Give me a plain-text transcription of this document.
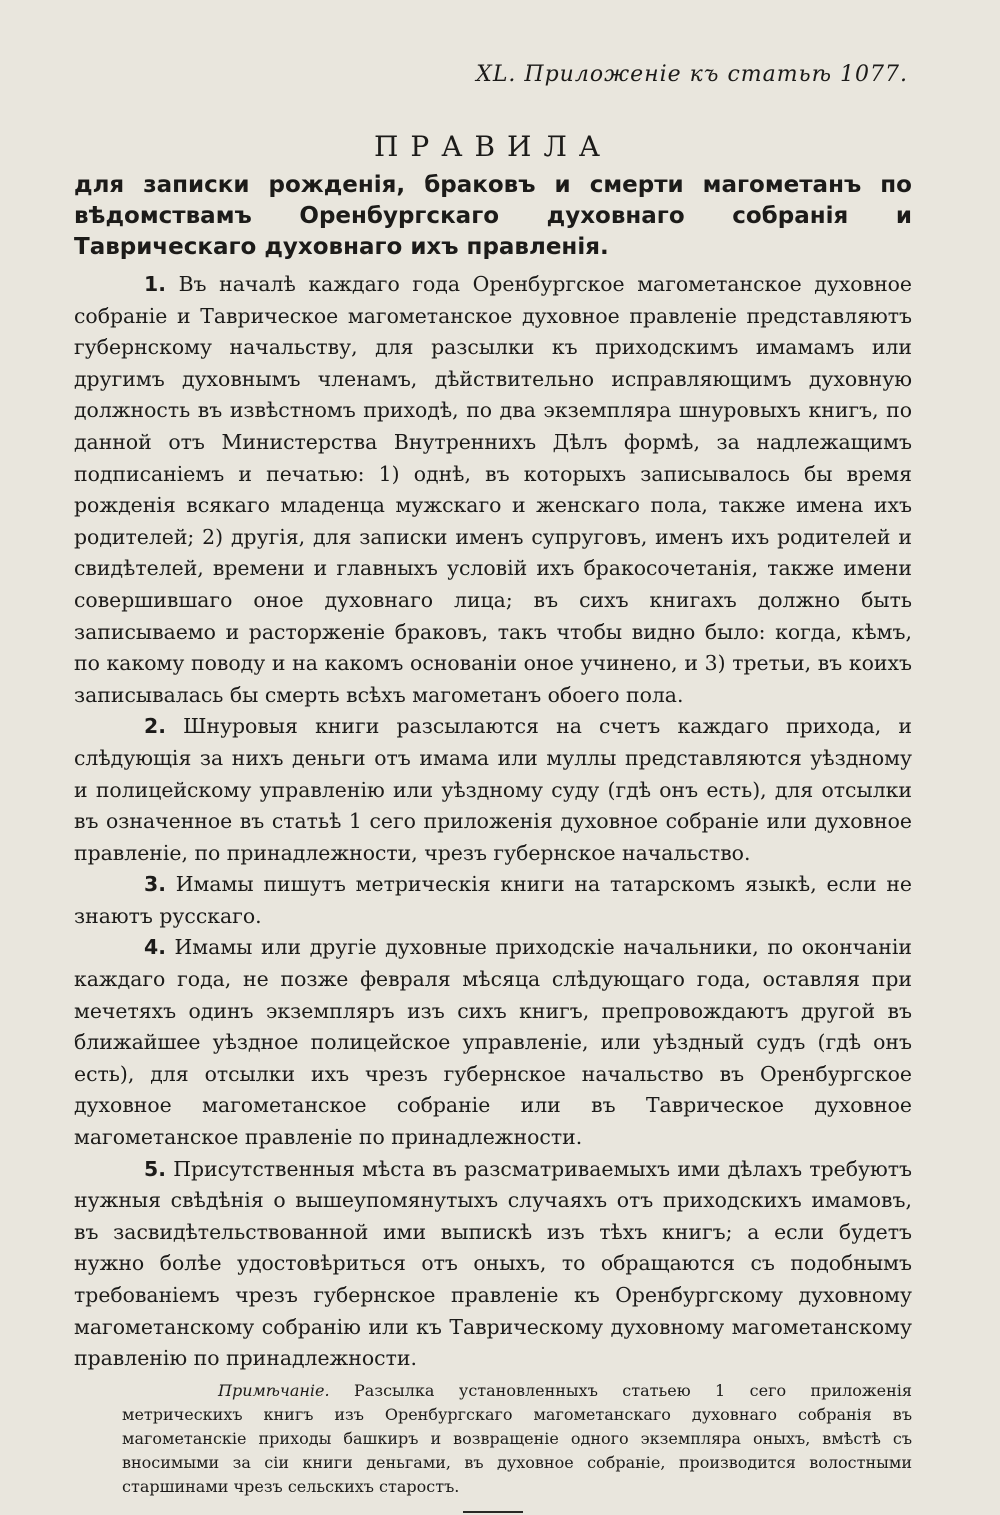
XL. Приложенiе къ статьѣ 1077.
ПРАВИЛА
для записки рожденiя, браковъ и смерти магометанъ по вѣдомствамъ Оренбургскаго духовнаго собранiя и Таврическаго духовнаго ихъ правленiя.

1. Въ началѣ каждаго года Оренбургское магометанское духовное собранiе и Таврическое магометанское духовное правленiе представляютъ губернскому начальству, для разсылки къ приходскимъ имамамъ или другимъ духовнымъ членамъ, дѣйствительно исправляющимъ духовную должность въ извѣстномъ приходѣ, по два экземпляра шнуровыхъ книгъ, по данной отъ Министерства Внутреннихъ Дѣлъ формѣ, за надлежащимъ подписанiемъ и печатью: 1) однѣ, въ которыхъ записывалось бы время рожденiя всякаго младенца мужскаго и женскаго пола, также имена ихъ родителей; 2) другiя, для записки именъ супруговъ, именъ ихъ родителей и свидѣтелей, времени и главныхъ условiй ихъ бракосочетанiя, также имени совершившаго оное духовнаго лица; въ сихъ книгахъ должно быть записываемо и расторженiе браковъ, такъ чтобы видно было: когда, кѣмъ, по какому поводу и на какомъ основанiи оное учинено, и 3) третьи, въ коихъ записывалась бы смерть всѣхъ магометанъ обоего пола.

2. Шнуровыя книги разсылаются на счетъ каждаго прихода, и слѣдующiя за нихъ деньги отъ имама или муллы представляются уѣздному и полицейскому управленiю или уѣздному суду (гдѣ онъ есть), для отсылки въ означенное въ статьѣ 1 сего приложенiя духовное собранiе или духовное правленiе, по принадлежности, чрезъ губернское начальство.

3. Имамы пишутъ метрическiя книги на татарскомъ языкѣ, если не знаютъ русскаго.

4. Имамы или другiе духовные приходскiе начальники, по окончанiи каждаго года, не позже февраля мѣсяца слѣдующаго года, оставляя при мечетяхъ одинъ экземпляръ изъ сихъ книгъ, препровождаютъ другой въ ближайшее уѣздное полицейское управленiе, или уѣздный судъ (гдѣ онъ есть), для отсылки ихъ чрезъ губернское начальство въ Оренбургское духовное магометанское собранiе или въ Таврическое духовное магометанское правленiе по принадлежности.

5. Присутственныя мѣста въ разсматриваемыхъ ими дѣлахъ требуютъ нужныя свѣдѣнiя о вышеупомянутыхъ случаяхъ отъ приходскихъ имамовъ, въ засвидѣтельствованной ими выпискѣ изъ тѣхъ книгъ; а если будетъ нужно болѣе удостовѣриться отъ оныхъ, то обращаются съ подобнымъ требованiемъ чрезъ губернское правленiе къ Оренбургскому духовному магометанскому собранiю или къ Таврическому духовному магометанскому правленiю по принадлежности.

Примѣчанiе. Разсылка установленныхъ статьею 1 сего приложенiя метрическихъ книгъ изъ Оренбургскаго магометанскаго духовнаго собранiя въ магометанскiе приходы башкиръ и возвращенiе одного экземпляра оныхъ, вмѣстѣ съ вносимыми за сiи книги деньгами, въ духовное собранiе, производится волостными старшинами чрезъ сельскихъ старостъ.
